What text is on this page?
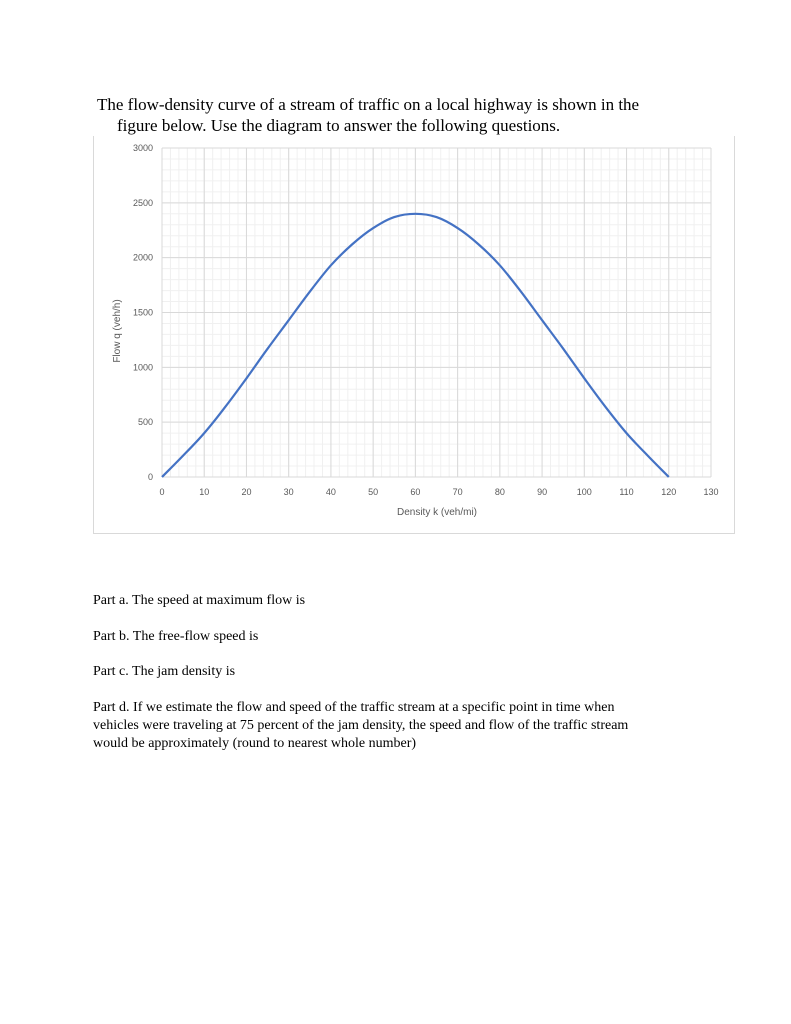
The flow-density curve of a stream of traffic on a local highway is shown in the
figure below. Use the diagram to answer the following questions.
0	10	20	30	40	50	60	70	80	90	100	110	120	130
0
500
1000
1500
2000
2500
3000
Density k (veh/mi)
Flow q (veh/h)
Part a. The speed at maximum flow is
Part b. The free-flow speed is
Part c. The jam density is
Part d. If we estimate the flow and speed of the traffic stream at a specific point in time when
vehicles were traveling at 75 percent of the jam density, the speed and flow of the traffic stream
would be approximately (round to nearest whole number)
